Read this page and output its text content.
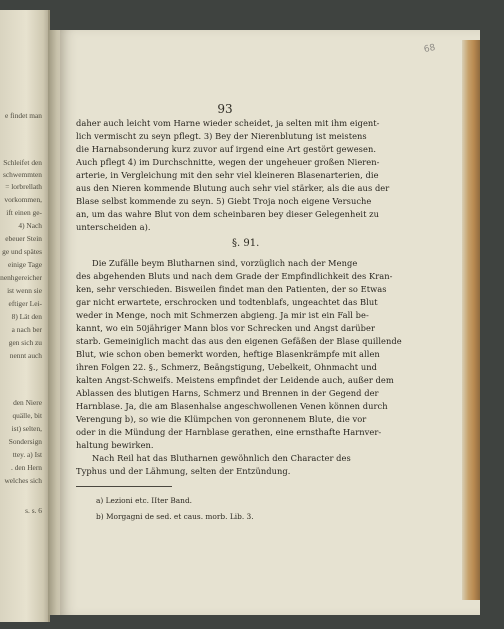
e findet man
Schleifet den
schwemmten
= lorbrellath
vorkommen,
ift einen ge-
4) Nach
ebeuer Stein
ge und spätes
einige Tage
nenhgereicher
ist wenn sie
eftiger Lei-
8) Lät den
a nach ber
gen sich zu
nennt auch
den Niere
quälle, bit
ist) selten,
Sondersign
ttey. a) Ist
. den Hern
welches sich
s. s. 6
68
93
daher auch leicht vom Harne wieder scheidet, ja selten mit ihm eigent-
lich vermischt zu seyn pflegt. 3) Bey der Nierenblutung ist meistens
die Harnabsonderung kurz zuvor auf irgend eine Art gestört gewesen.
Auch pflegt 4) im Durchschnitte, wegen der ungeheuer großen Nieren-
arterie, in Vergleichung mit den sehr viel kleineren Blasenarterien, die
aus den Nieren kommende Blutung auch sehr viel stärker, als die aus der
Blase selbst kommende zu seyn. 5) Giebt Troja noch eigene Versuche
an, um das wahre Blut von dem scheinbaren bey dieser Gelegenheit zu
unterscheiden a).
§. 91.
Die Zufälle beym Blutharnen sind, vorzüglich nach der Menge
des abgehenden Bluts und nach dem Grade der Empfindlichkeit des Kran-
ken, sehr verschieden. Bisweilen findet man den Patienten, der so Etwas
gar nicht erwartete, erschrocken und todtenblafs, ungeachtet das Blut
weder in Menge, noch mit Schmerzen abgieng. Ja mir ist ein Fall be-
kannt, wo ein 50jähriger Mann blos vor Schrecken und Angst darüber
starb. Gemeiniglich macht das aus den eigenen Gefäßen der Blase quillende
Blut, wie schon oben bemerkt worden, heftige Blasenkrämpfe mit allen
ihren Folgen 22. §., Schmerz, Beängstigung, Uebelkeit, Ohnmacht und
kalten Angst-Schweifs. Meistens empfindet der Leidende auch, außer dem
Ablassen des blutigen Harns, Schmerz und Brennen in der Gegend der
Harnblase. Ja, die am Blasenhalse angeschwollenen Venen können durch
Verengung b), so wie die Klümpchen von geronnenem Blute, die vor
oder in die Mündung der Harnblase gerathen, eine ernsthafte Harnver-
haltung bewirken.
Nach Reil hat das Blutharnen gewöhnlich den Character des
Typhus und der Lähmung, selten der Entzündung.
a) Lezioni etc. IIter Band.
b) Morgagni de sed. et caus. morb. Lib. 3.
